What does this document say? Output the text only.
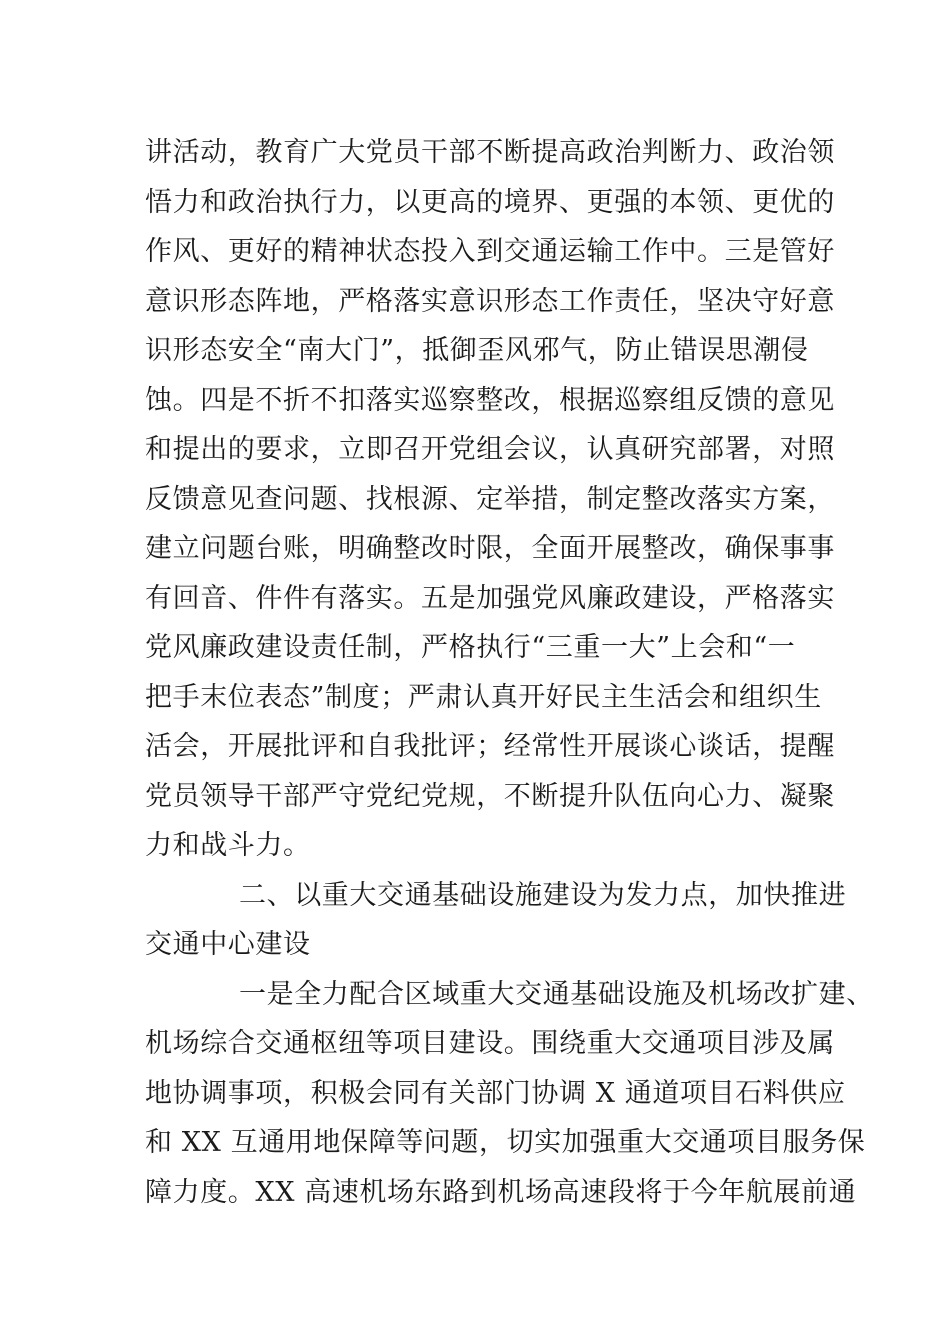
讲活动，教育广大党员干部不断提高政治判断力、政治领
悟力和政治执行力，以更高的境界、更强的本领、更优的
作风、更好的精神状态投入到交通运输工作中。三是管好
意识形态阵地，严格落实意识形态工作责任，坚决守好意
识形态安全“南大门”，抵御歪风邪气，防止错误思潮侵
蚀。四是不折不扣落实巡察整改，根据巡察组反馈的意见
和提出的要求，立即召开党组会议，认真研究部署，对照
反馈意见查问题、找根源、定举措，制定整改落实方案，
建立问题台账，明确整改时限，全面开展整改，确保事事
有回音、件件有落实。五是加强党风廉政建设，严格落实
党风廉政建设责任制，严格执行“三重一大”上会和“一
把手末位表态”制度；严肃认真开好民主生活会和组织生
活会，开展批评和自我批评；经常性开展谈心谈话，提醒
党员领导干部严守党纪党规，不断提升队伍向心力、凝聚
力和战斗力。
二、以重大交通基础设施建设为发力点，加快推进
交通中心建设
一是全力配合区域重大交通基础设施及机场改扩建、
机场综合交通枢纽等项目建设。围绕重大交通项目涉及属
地协调事项，积极会同有关部门协调 X 通道项目石料供应
和 XX 互通用地保障等问题，切实加强重大交通项目服务保
障力度。XX 高速机场东路到机场高速段将于今年航展前通
